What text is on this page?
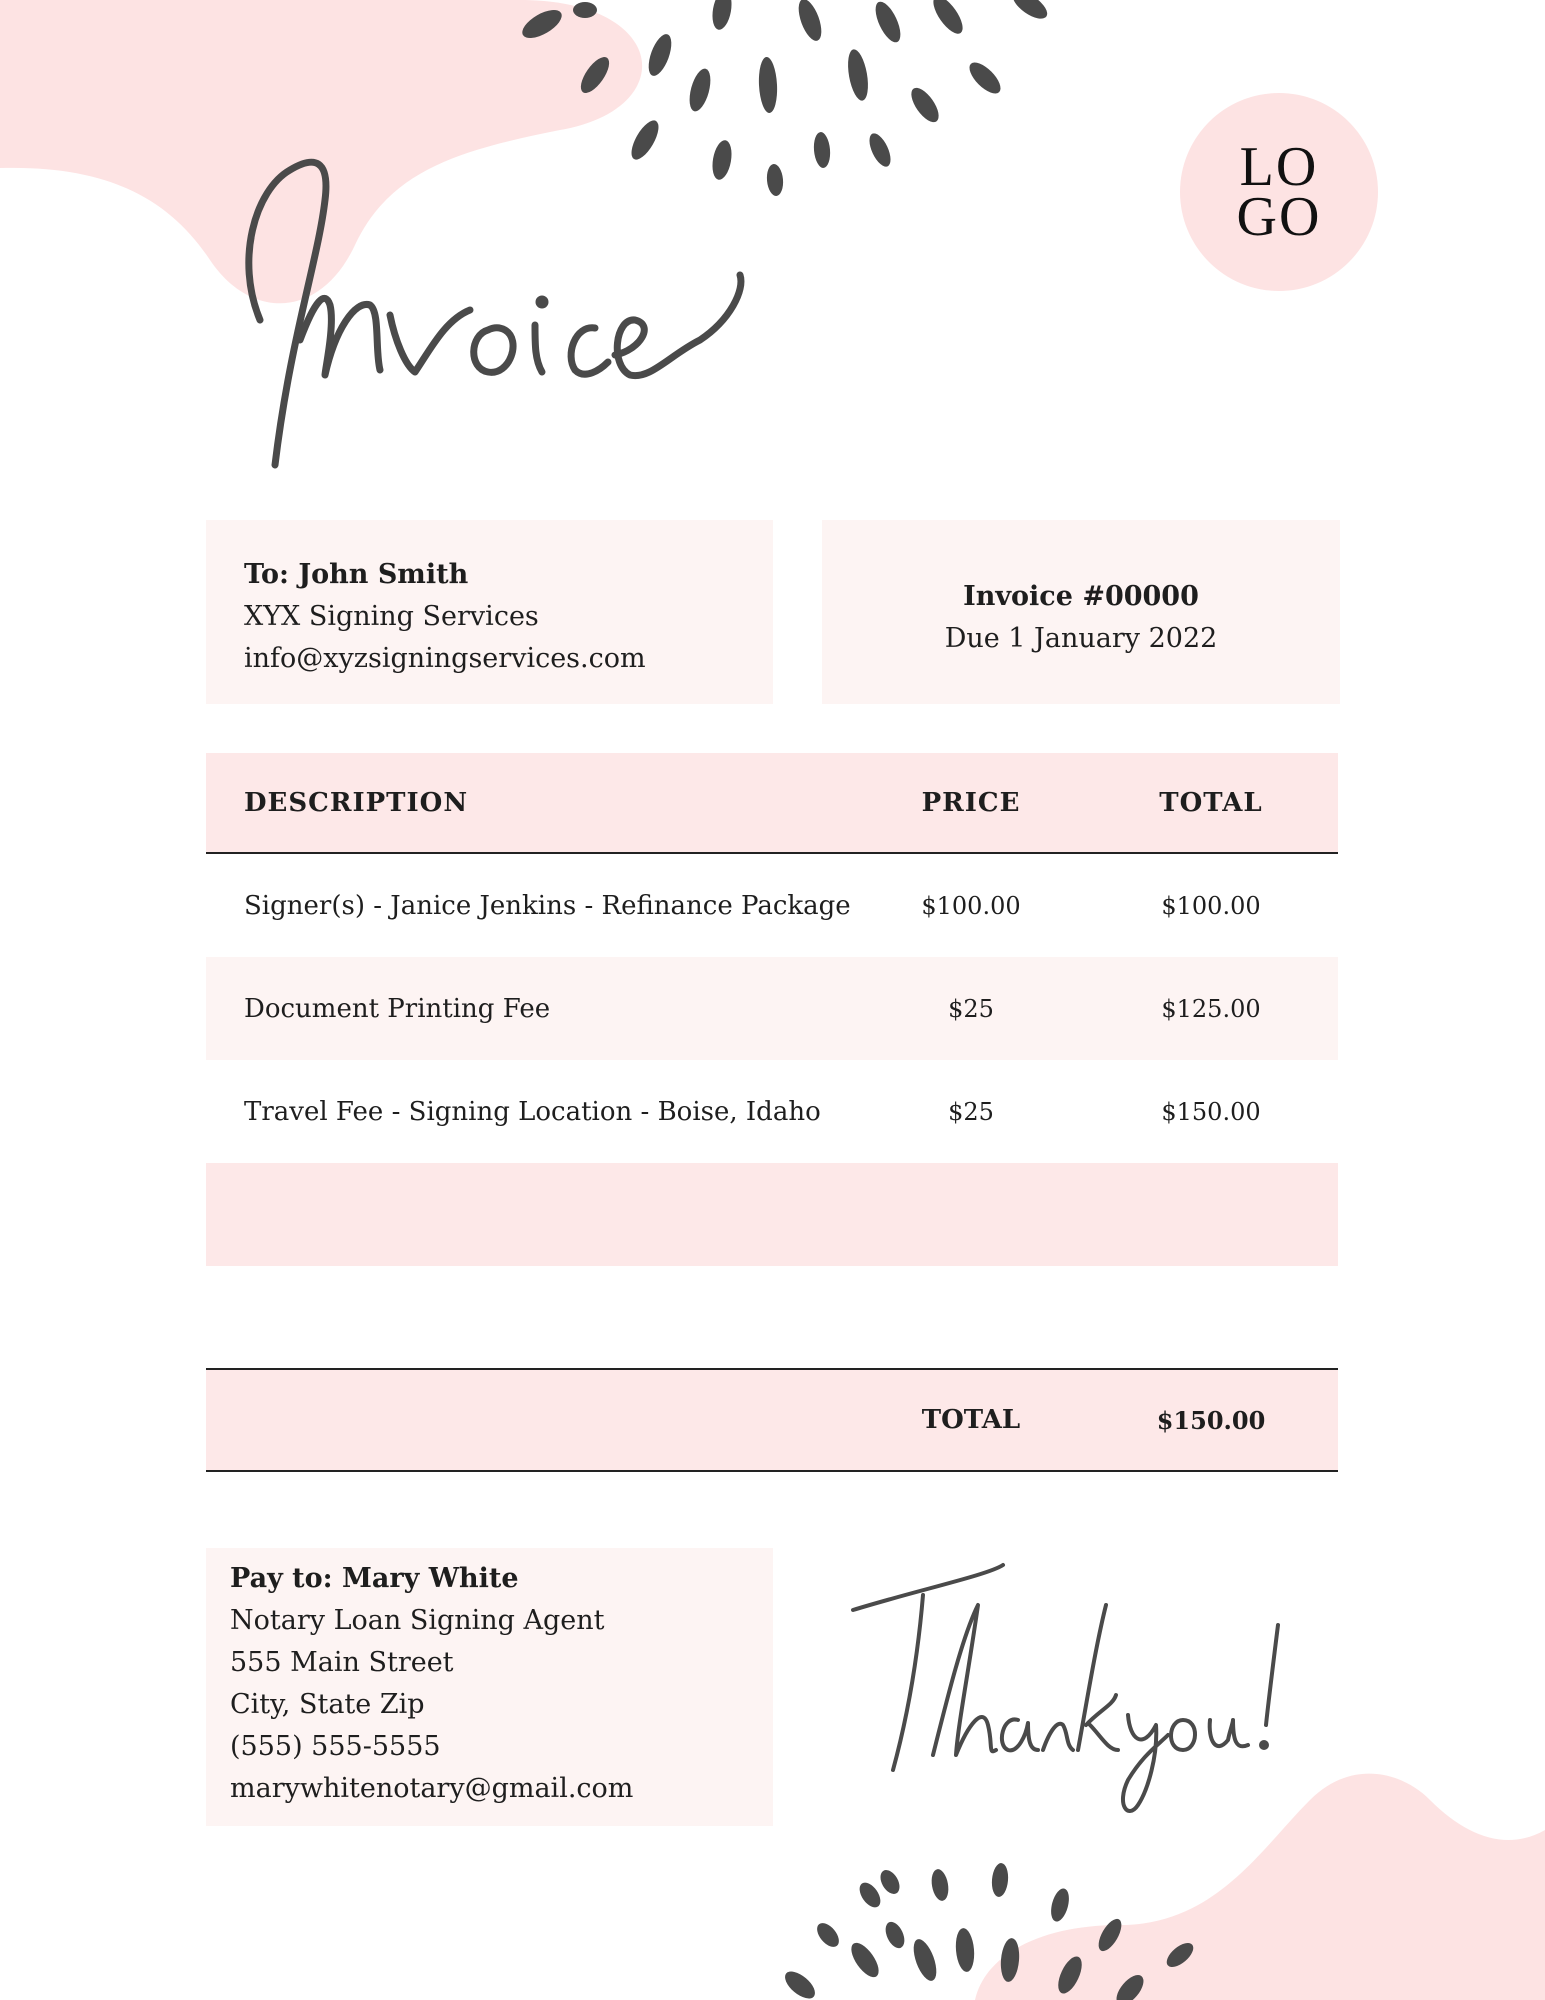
LOGO
To: John Smith
XYX Signing Services
info@xyzsigningservices.com
Invoice #00000
Due 1 January 2022
DESCRIPTION	PRICE	TOTAL
Signer(s) - Janice Jenkins - Refinance Package	$100.00	$100.00
Document Printing Fee	$25	$125.00
Travel Fee - Signing Location - Boise, Idaho	$25	$150.00
TOTAL	$150.00
Pay to: Mary White
Notary Loan Signing Agent
555 Main Street
City, State Zip
(555) 555-5555
marywhitenotary@gmail.com
